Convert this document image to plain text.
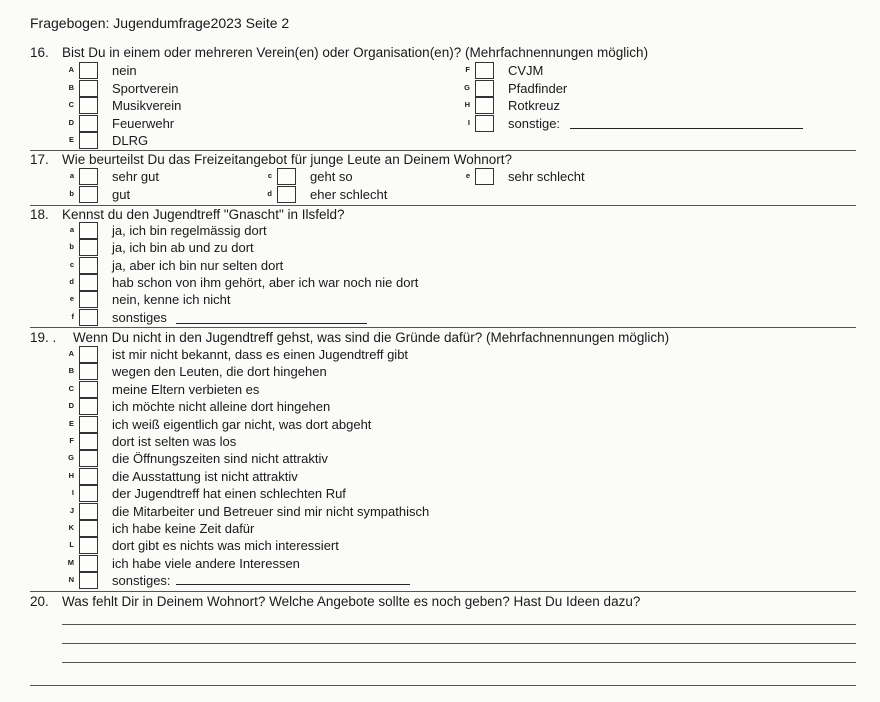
Fragebogen: Jugendumfrage2023 Seite 2
16. Bist Du in einem oder mehreren Verein(en) oder Organisation(en)? (Mehrfachnennungen möglich)
A	nein
B	Sportverein
C	Musikverein
D	Feuerwehr
E	DLRG
F	CVJM
G	Pfadfinder
H	Rotkreuz
I	sonstige:
17. Wie beurteilst Du das Freizeitangebot für junge Leute an Deinem Wohnort?
a	sehr gut
b	gut
c	geht so
d	eher schlecht
e	sehr schlecht
18. Kennst du den Jugendtreff "Gnascht" in Ilsfeld?
a	ja, ich bin regelmässig dort
b	ja, ich bin ab und zu dort
c	ja, aber ich bin nur selten dort
d	hab schon von ihm gehört, aber ich war noch nie dort
e	nein, kenne ich nicht
f	sonstiges
19. . Wenn Du nicht in den Jugendtreff gehst, was sind die Gründe dafür? (Mehrfachnennungen möglich)
A	ist mir nicht bekannt, dass es einen Jugendtreff gibt
B	wegen den Leuten, die dort hingehen
C	meine Eltern verbieten es
D	ich möchte nicht alleine dort hingehen
E	ich weiß eigentlich gar nicht, was dort abgeht
F	dort ist selten was los
G	die Öffnungszeiten sind nicht attraktiv
H	die Ausstattung ist nicht attraktiv
I	der Jugendtreff hat einen schlechten Ruf
J	die Mitarbeiter und Betreuer sind mir nicht sympathisch
K	ich habe keine Zeit dafür
L	dort gibt es nichts was mich interessiert
M	ich habe viele andere Interessen
N	sonstiges:
20. Was fehlt Dir in Deinem Wohnort? Welche Angebote sollte es noch geben? Hast Du Ideen dazu?
